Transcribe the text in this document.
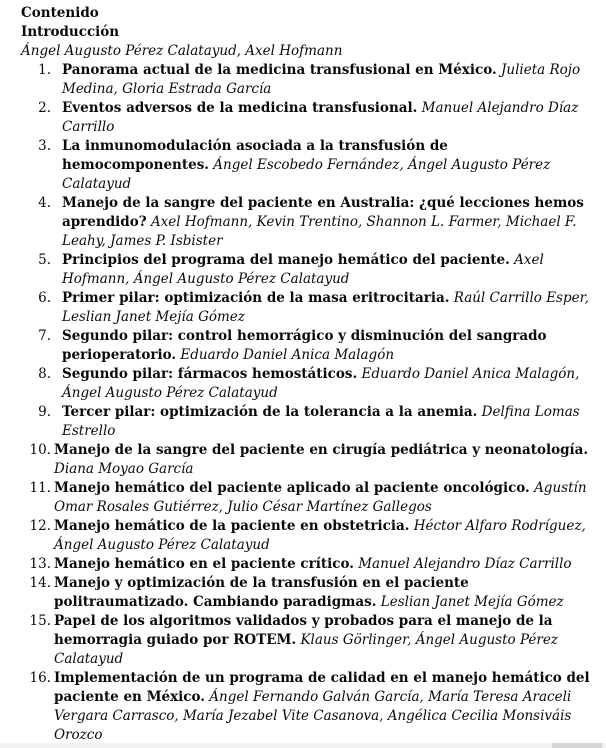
Contenido

Introducción

Ángel Augusto Pérez Calatayud, Axel Hofmann

1. Panorama actual de la medicina transfusional en México. Julieta Rojo Medina, Gloria Estrada García
2. Eventos adversos de la medicina transfusional. Manuel Alejandro Díaz Carrillo
3. La inmunomodulación asociada a la transfusión de hemocomponentes. Ángel Escobedo Fernández, Ángel Augusto Pérez Calatayud
4. Manejo de la sangre del paciente en Australia: ¿qué lecciones hemos aprendido? Axel Hofmann, Kevin Trentino, Shannon L. Farmer, Michael F. Leahy, James P. Isbister
5. Principios del programa del manejo hemático del paciente. Axel Hofmann, Ángel Augusto Pérez Calatayud
6. Primer pilar: optimización de la masa eritrocitaria. Raúl Carrillo Esper, Leslian Janet Mejía Gómez
7. Segundo pilar: control hemorrágico y disminución del sangrado perioperatorio. Eduardo Daniel Anica Malagón
8. Segundo pilar: fármacos hemostáticos. Eduardo Daniel Anica Malagón, Ángel Augusto Pérez Calatayud
9. Tercer pilar: optimización de la tolerancia a la anemia. Delfina Lomas Estrello
10. Manejo de la sangre del paciente en cirugía pediátrica y neonatología. Diana Moyao García
11. Manejo hemático del paciente aplicado al paciente oncológico. Agustín Omar Rosales Gutiérrez, Julio César Martínez Gallegos
12. Manejo hemático de la paciente en obstetricia. Héctor Alfaro Rodríguez, Ángel Augusto Pérez Calatayud
13. Manejo hemático en el paciente crítico. Manuel Alejandro Díaz Carrillo
14. Manejo y optimización de la transfusión en el paciente politraumatizado. Cambiando paradigmas. Leslian Janet Mejía Gómez
15. Papel de los algoritmos validados y probados para el manejo de la hemorragia guiado por ROTEM. Klaus Görlinger, Ángel Augusto Pérez Calatayud
16. Implementación de un programa de calidad en el manejo hemático del paciente en México. Ángel Fernando Galván García, María Teresa Araceli Vergara Carrasco, María Jezabel Vite Casanova, Angélica Cecilia Monsiváis Orozco
